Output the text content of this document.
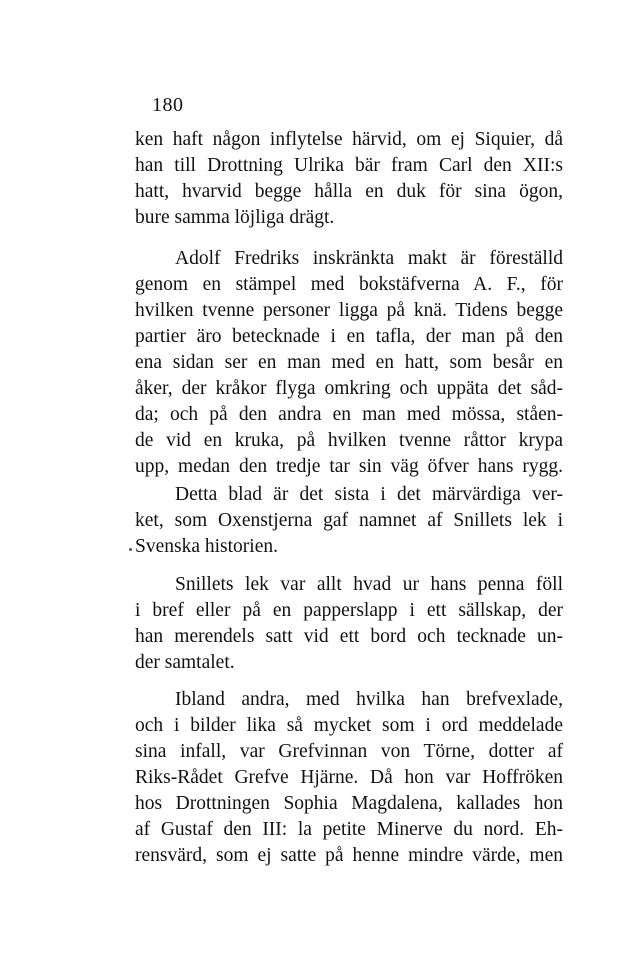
180
ken haft någon inflytelse härvid, om ej Siquier, då
han till Drottning Ulrika bär fram Carl den XII:s
hatt, hvarvid begge hålla en duk för sina ögon,
bure samma löjliga drägt.
Adolf Fredriks inskränkta makt är föreställd
genom en stämpel med bokstäfverna A. F., för
hvilken tvenne personer ligga på knä. Tidens begge
partier äro betecknade i en tafla, der man på den
ena sidan ser en man med en hatt, som besår en
åker, der kråkor flyga omkring och uppäta det såd-
da; och på den andra en man med mössa, ståen-
de vid en kruka, på hvilken tvenne råttor krypa
upp, medan den tredje tar sin väg öfver hans rygg.
Detta blad är det sista i det märvärdiga ver-
ket, som Oxenstjerna gaf namnet af Snillets lek i
Svenska historien.
Snillets lek var allt hvad ur hans penna föll
i bref eller på en papperslapp i ett sällskap, der
han merendels satt vid ett bord och tecknade un-
der samtalet.
Ibland andra, med hvilka han brefvexlade,
och i bilder lika så mycket som i ord meddelade
sina infall, var Grefvinnan von Törne, dotter af
Riks-Rådet Grefve Hjärne. Då hon var Hoffröken
hos Drottningen Sophia Magdalena, kallades hon
af Gustaf den III: la petite Minerve du nord. Eh-
rensvärd, som ej satte på henne mindre värde, men
